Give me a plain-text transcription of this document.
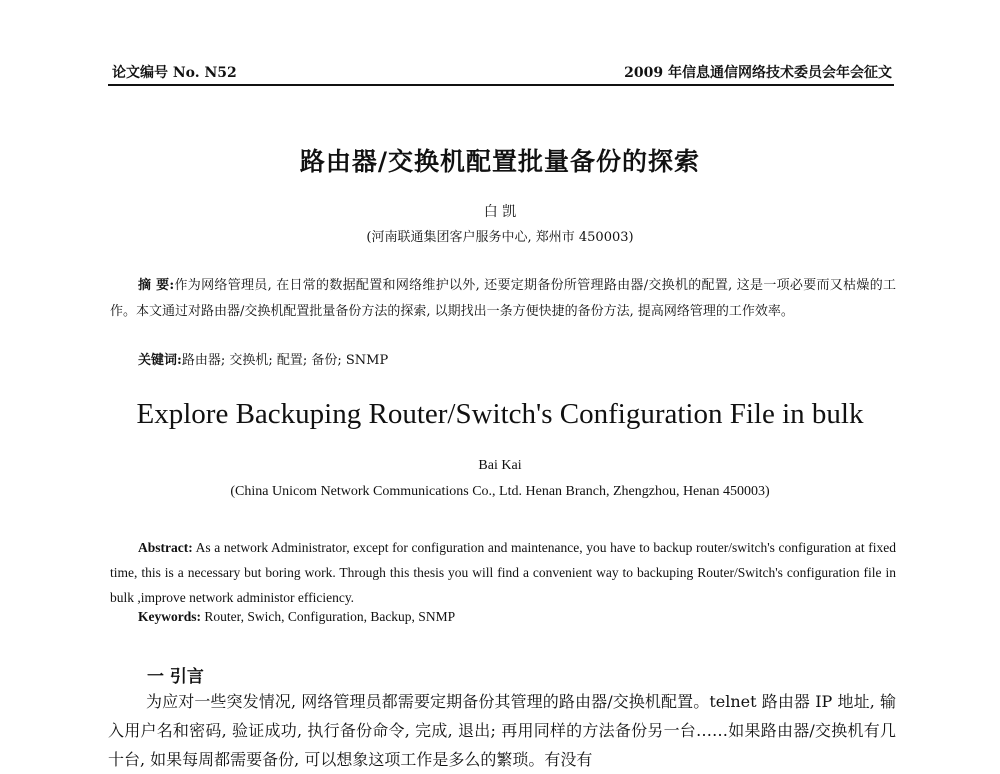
论文编号 No. N52	2009 年信息通信网络技术委员会年会征文
路由器/交换机配置批量备份的探索
白 凯
(河南联通集团客户服务中心, 郑州市 450003)
摘 要:作为网络管理员, 在日常的数据配置和网络维护以外, 还要定期备份所管理路由器/交换机的配置, 这是一项必要而又枯燥的工作。本文通过对路由器/交换机配置批量备份方法的探索, 以期找出一条方便快捷的备份方法, 提高网络管理的工作效率。
关键词:路由器; 交换机; 配置; 备份; SNMP
Explore Backuping Router/Switch's Configuration File in bulk
Bai Kai
(China Unicom Network Communications Co., Ltd. Henan Branch, Zhengzhou, Henan 450003)
Abstract: As a network Administrator, except for configuration and maintenance, you have to backup router/switch's configuration at fixed time, this is a necessary but boring work. Through this thesis you will find a convenient way to backuping Router/Switch's configuration file in bulk ,improve network administor efficiency.
Keywords: Router, Swich, Configuration, Backup, SNMP
一 引言
为应对一些突发情况, 网络管理员都需要定期备份其管理的路由器/交换机配置。telnet 路由器 IP 地址, 输入用户名和密码, 验证成功, 执行备份命令, 完成, 退出; 再用同样的方法备份另一台……如果路由器/交换机有几十台, 如果每周都需要备份, 可以想象这项工作是多么的繁琐。有没有
